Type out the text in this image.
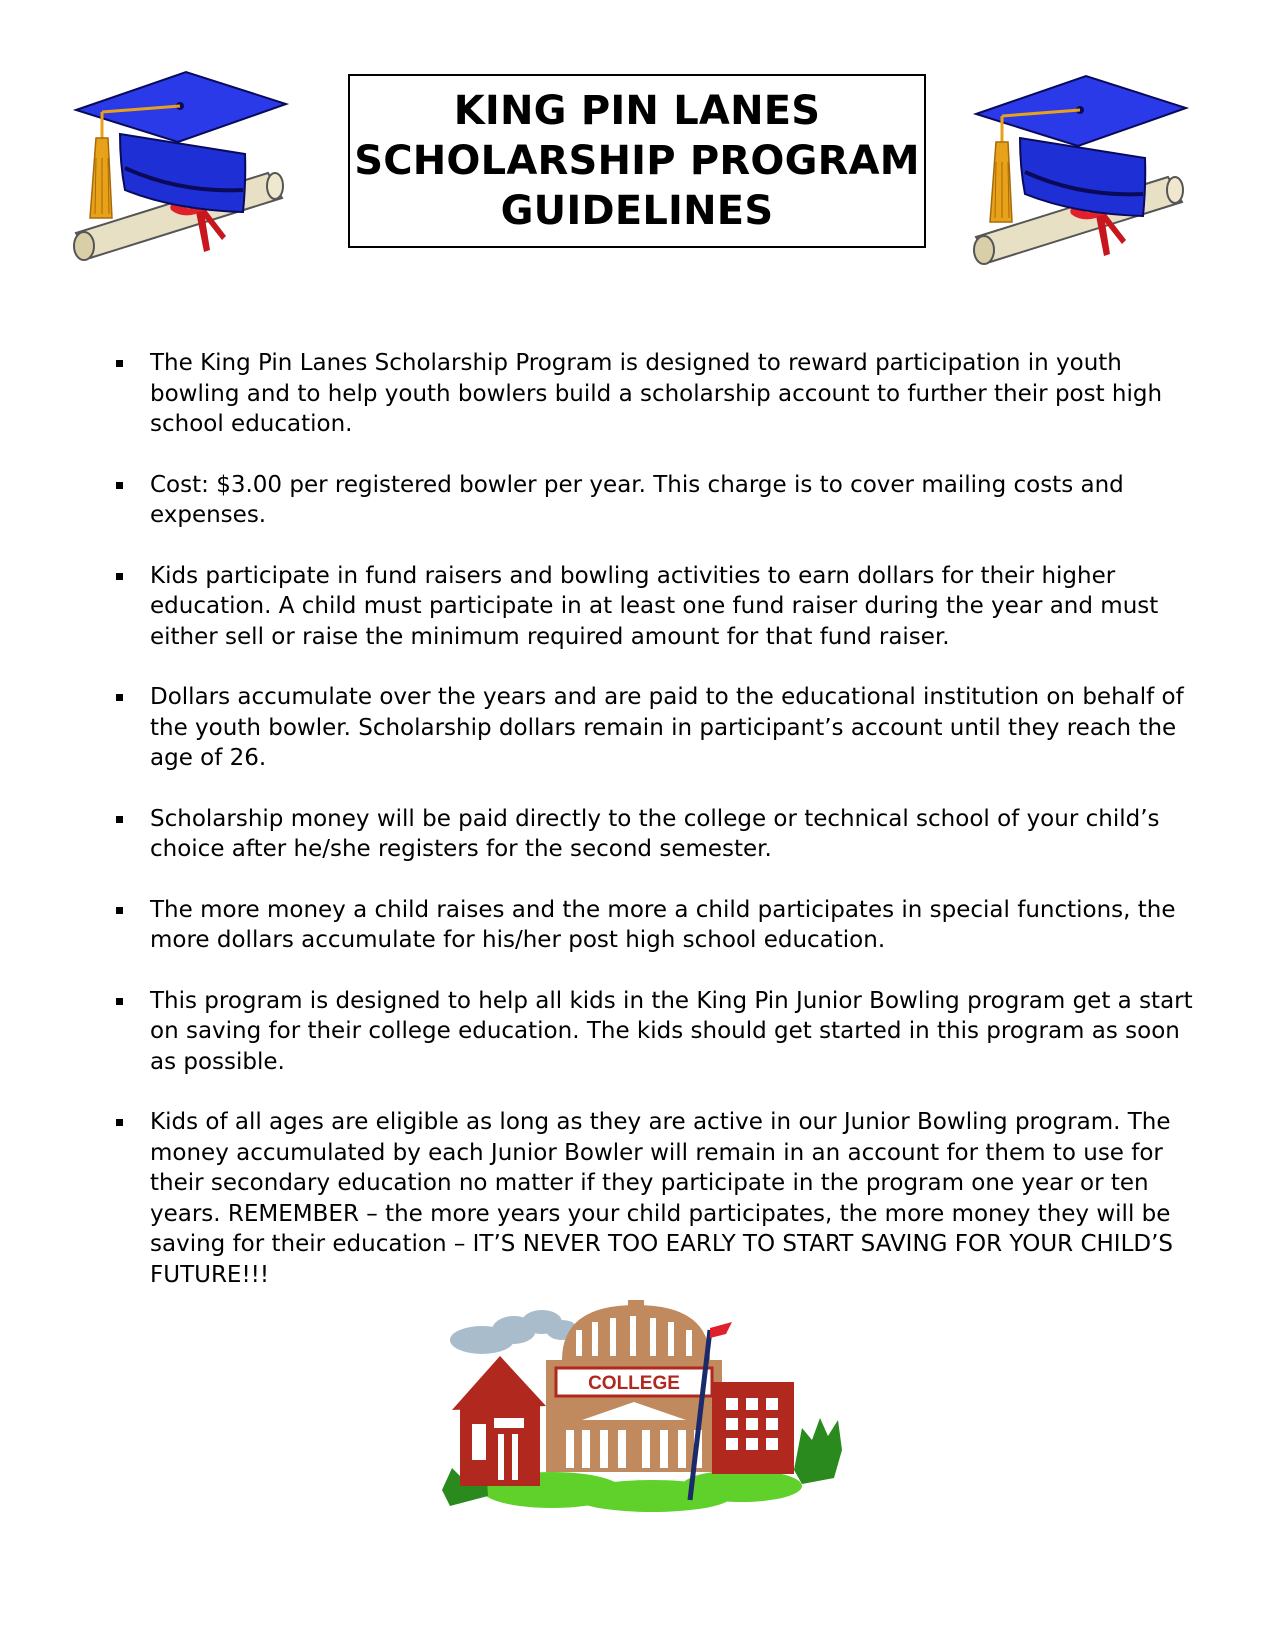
KING PIN LANES
SCHOLARSHIP PROGRAM
GUIDELINES
The King Pin Lanes Scholarship Program is designed to reward participation in youth bowling and to help youth bowlers build a scholarship account to further their post high school education.
Cost: $3.00 per registered bowler per year. This charge is to cover mailing costs and expenses.
Kids participate in fund raisers and bowling activities to earn dollars for their higher education. A child must participate in at least one fund raiser during the year and must either sell or raise the minimum required amount for that fund raiser.
Dollars accumulate over the years and are paid to the educational institution on behalf of the youth bowler. Scholarship dollars remain in participant’s account until they reach the age of 26.
Scholarship money will be paid directly to the college or technical school of your child’s choice after he/she registers for the second semester.
The more money a child raises and the more a child participates in special functions, the more dollars accumulate for his/her post high school education.
This program is designed to help all kids in the King Pin Junior Bowling program get a start on saving for their college education. The kids should get started in this program as soon as possible.
Kids of all ages are eligible as long as they are active in our Junior Bowling program. The money accumulated by each Junior Bowler will remain in an account for them to use for their secondary education no matter if they participate in the program one year or ten years. REMEMBER – the more years your child participates, the more money they will be saving for their education – IT’S NEVER TOO EARLY TO START SAVING FOR YOUR CHILD’S FUTURE!!!
COLLEGE
